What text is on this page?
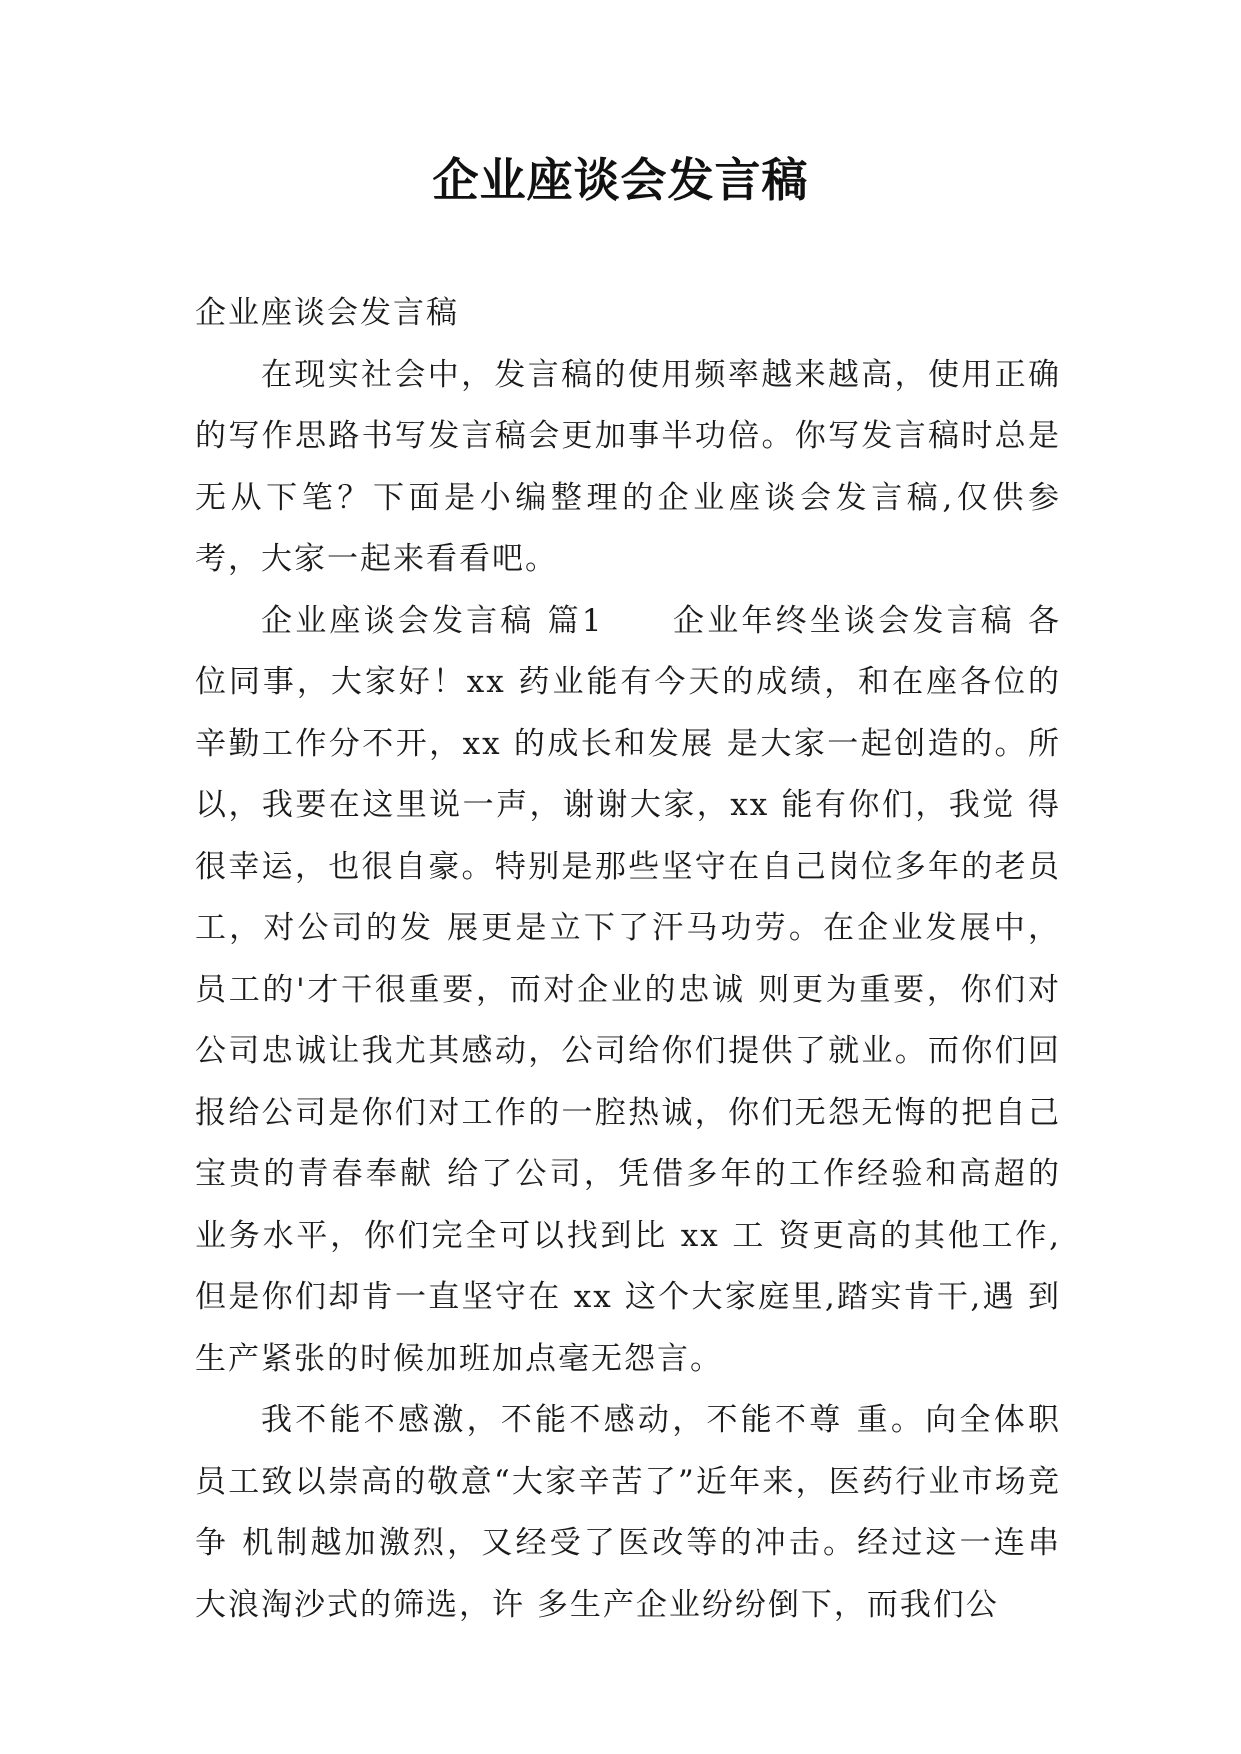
企业座谈会发言稿

企业座谈会发言稿

在现实社会中，发言稿的使用频率越来越高，使用正确的写作思路书写发言稿会更加事半功倍。你写发言稿时总是无从下笔？下面是小编整理的企业座谈会发言稿,仅供参考，大家一起来看看吧。

企业座谈会发言稿 篇1　　企业年终坐谈会发言稿 各位同事，大家好！xx 药业能有今天的成绩，和在座各位的辛勤工作分不开，xx 的成长和发展 是大家一起创造的。所以，我要在这里说一声，谢谢大家，xx 能有你们，我觉 得很幸运，也很自豪。特别是那些坚守在自己岗位多年的老员工，对公司的发 展更是立下了汗马功劳。在企业发展中，员工的'才干很重要，而对企业的忠诚 则更为重要，你们对公司忠诚让我尤其感动，公司给你们提供了就业。而你们回报给公司是你们对工作的一腔热诚，你们无怨无悔的把自己宝贵的青春奉献 给了公司，凭借多年的工作经验和高超的业务水平，你们完全可以找到比 xx 工 资更高的其他工作,但是你们却肯一直坚守在 xx 这个大家庭里,踏实肯干,遇 到生产紧张的时候加班加点毫无怨言。

我不能不感激，不能不感动，不能不尊 重。向全体职员工致以崇高的敬意“大家辛苦了”近年来，医药行业市场竞争 机制越加激烈，又经受了医改等的冲击。经过这一连串大浪淘沙式的筛选，许 多生产企业纷纷倒下，而我们公
